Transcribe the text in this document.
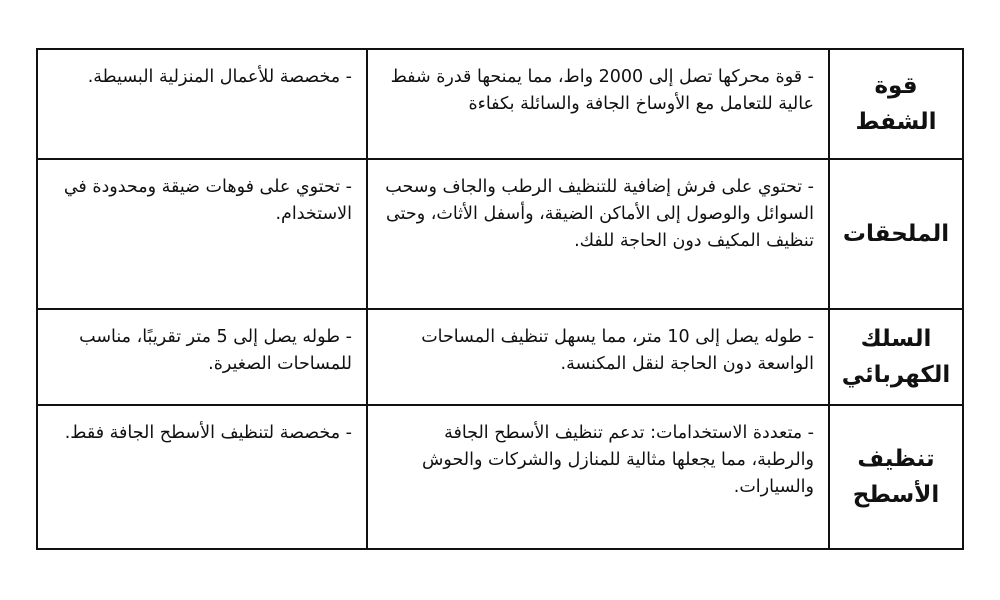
قوة الشفط	- قوة محركها تصل إلى 2000 واط، مما يمنحها قدرة شفط عالية للتعامل مع الأوساخ الجافة والسائلة بكفاءة	- مخصصة للأعمال المنزلية البسيطة.
الملحقات	- تحتوي على فرش إضافية للتنظيف الرطب والجاف وسحب السوائل والوصول إلى الأماكن الضيقة، وأسفل الأثاث، وحتى تنظيف المكيف دون الحاجة للفك.	- تحتوي على فوهات ضيقة ومحدودة في الاستخدام.
السلك الكهربائي	- طوله يصل إلى 10 متر، مما يسهل تنظيف المساحات الواسعة دون الحاجة لنقل المكنسة.	- طوله يصل إلى 5 متر تقريبًا، مناسب للمساحات الصغيرة.
تنظيف الأسطح	- متعددة الاستخدامات: تدعم تنظيف الأسطح الجافة والرطبة، مما يجعلها مثالية للمنازل والشركات والحوش والسيارات.	- مخصصة لتنظيف الأسطح الجافة فقط.
